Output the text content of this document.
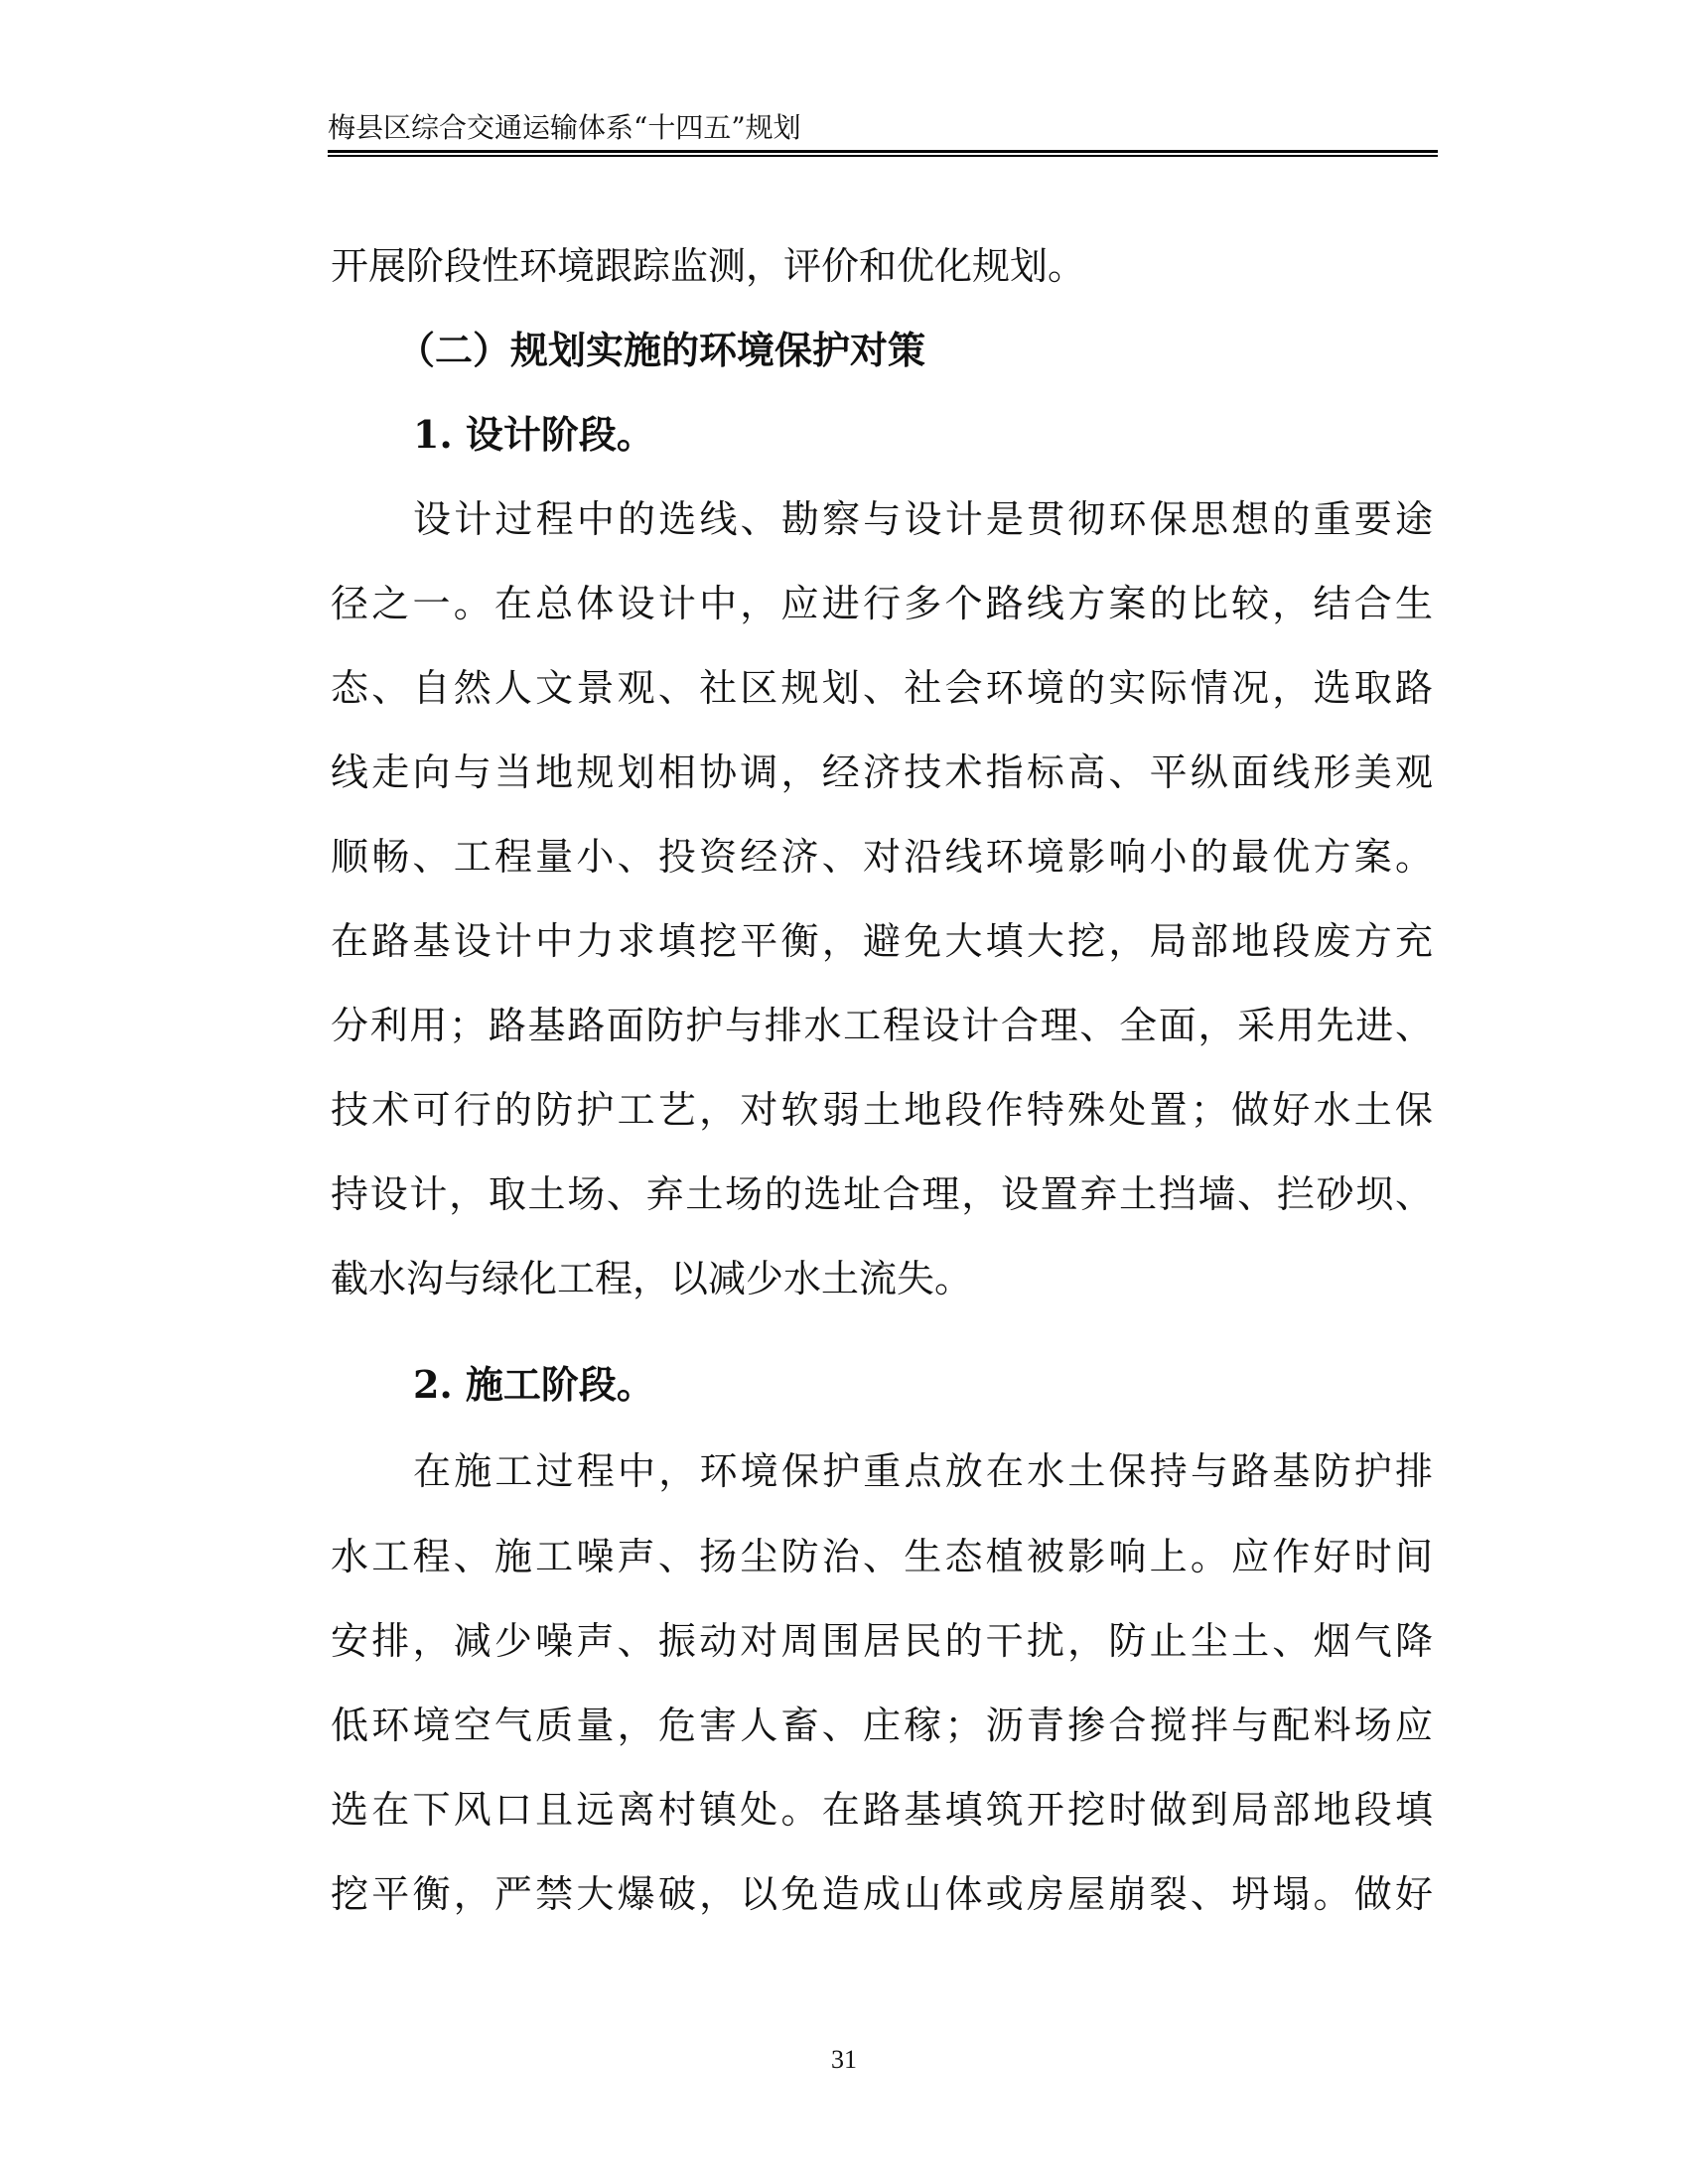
梅县区综合交通运输体系“十四五”规划
开展阶段性环境跟踪监测，评价和优化规划。
（二）规划实施的环境保护对策
1. 设计阶段。
设计过程中的选线、勘察与设计是贯彻环保思想的重要途
径之一。在总体设计中，应进行多个路线方案的比较，结合生
态、自然人文景观、社区规划、社会环境的实际情况，选取路
线走向与当地规划相协调，经济技术指标高、平纵面线形美观
顺畅、工程量小、投资经济、对沿线环境影响小的最优方案。
在路基设计中力求填挖平衡，避免大填大挖，局部地段废方充
分利用；路基路面防护与排水工程设计合理、全面，采用先进、
技术可行的防护工艺，对软弱土地段作特殊处置；做好水土保
持设计，取土场、弃土场的选址合理，设置弃土挡墙、拦砂坝、
截水沟与绿化工程，以减少水土流失。
2. 施工阶段。
在施工过程中，环境保护重点放在水土保持与路基防护排
水工程、施工噪声、扬尘防治、生态植被影响上。应作好时间
安排，减少噪声、振动对周围居民的干扰，防止尘土、烟气降
低环境空气质量，危害人畜、庄稼；沥青掺合搅拌与配料场应
选在下风口且远离村镇处。在路基填筑开挖时做到局部地段填
挖平衡，严禁大爆破，以免造成山体或房屋崩裂、坍塌。做好
31
